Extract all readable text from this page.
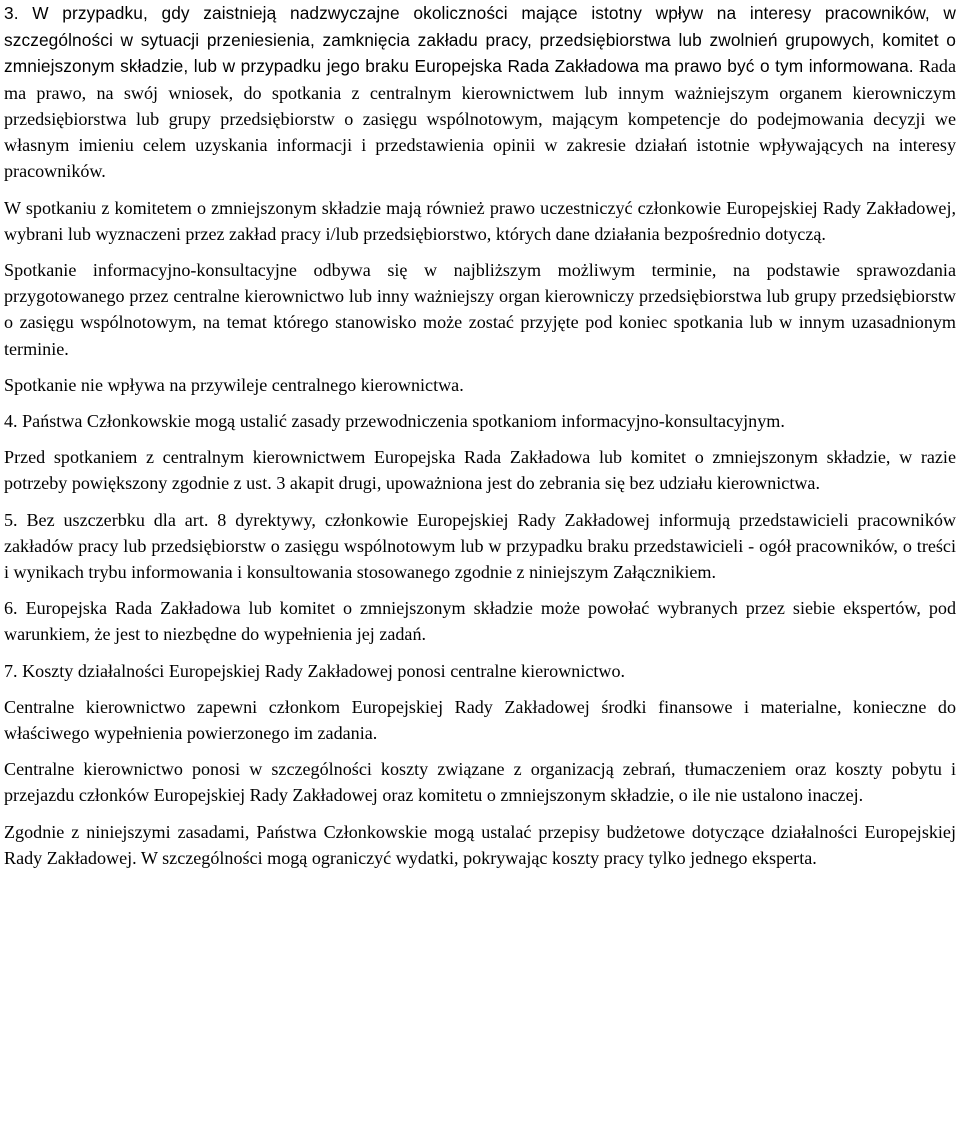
3. W przypadku, gdy zaistnieją nadzwyczajne okoliczności mające istotny wpływ na interesy pracowników, w szczególności w sytuacji przeniesienia, zamknięcia zakładu pracy, przedsiębiorstwa lub zwolnień grupowych, komitet o zmniejszonym składzie, lub w przypadku jego braku Europejska Rada Zakładowa ma prawo być o tym informowana. Rada ma prawo, na swój wniosek, do spotkania z centralnym kierownictwem lub innym ważniejszym organem kierowniczym przedsiębiorstwa lub grupy przedsiębiorstw o zasięgu wspólnotowym, mającym kompetencje do podejmowania decyzji we własnym imieniu celem uzyskania informacji i przedstawienia opinii w zakresie działań istotnie wpływających na interesy pracowników.

W spotkaniu z komitetem o zmniejszonym składzie mają również prawo uczestniczyć członkowie Europejskiej Rady Zakładowej, wybrani lub wyznaczeni przez zakład pracy i/lub przedsiębiorstwo, których dane działania bezpośrednio dotyczą.

Spotkanie informacyjno-konsultacyjne odbywa się w najbliższym możliwym terminie, na podstawie sprawozdania przygotowanego przez centralne kierownictwo lub inny ważniejszy organ kierowniczy przedsiębiorstwa lub grupy przedsiębiorstw o zasięgu wspólnotowym, na temat którego stanowisko może zostać przyjęte pod koniec spotkania lub w innym uzasadnionym terminie.

Spotkanie nie wpływa na przywileje centralnego kierownictwa.

4. Państwa Członkowskie mogą ustalić zasady przewodniczenia spotkaniom informacyjno-konsultacyjnym.

Przed spotkaniem z centralnym kierownictwem Europejska Rada Zakładowa lub komitet o zmniejszonym składzie, w razie potrzeby powiększony zgodnie z ust. 3 akapit drugi, upoważniona jest do zebrania się bez udziału kierownictwa.

5. Bez uszczerbku dla art. 8 dyrektywy, członkowie Europejskiej Rady Zakładowej informują przedstawicieli pracowników zakładów pracy lub przedsiębiorstw o zasięgu wspólnotowym lub w przypadku braku przedstawicieli - ogół pracowników, o treści i wynikach trybu informowania i konsultowania stosowanego zgodnie z niniejszym Załącznikiem.

6. Europejska Rada Zakładowa lub komitet o zmniejszonym składzie może powołać wybranych przez siebie ekspertów, pod warunkiem, że jest to niezbędne do wypełnienia jej zadań.

7. Koszty działalności Europejskiej Rady Zakładowej ponosi centralne kierownictwo.

Centralne kierownictwo zapewni członkom Europejskiej Rady Zakładowej środki finansowe i materialne, konieczne do właściwego wypełnienia powierzonego im zadania.

Centralne kierownictwo ponosi w szczególności koszty związane z organizacją zebrań, tłumaczeniem oraz koszty pobytu i przejazdu członków Europejskiej Rady Zakładowej oraz komitetu o zmniejszonym składzie, o ile nie ustalono inaczej.

Zgodnie z niniejszymi zasadami, Państwa Członkowskie mogą ustalać przepisy budżetowe dotyczące działalności Europejskiej Rady Zakładowej. W szczególności mogą ograniczyć wydatki, pokrywając koszty pracy tylko jednego eksperta.
